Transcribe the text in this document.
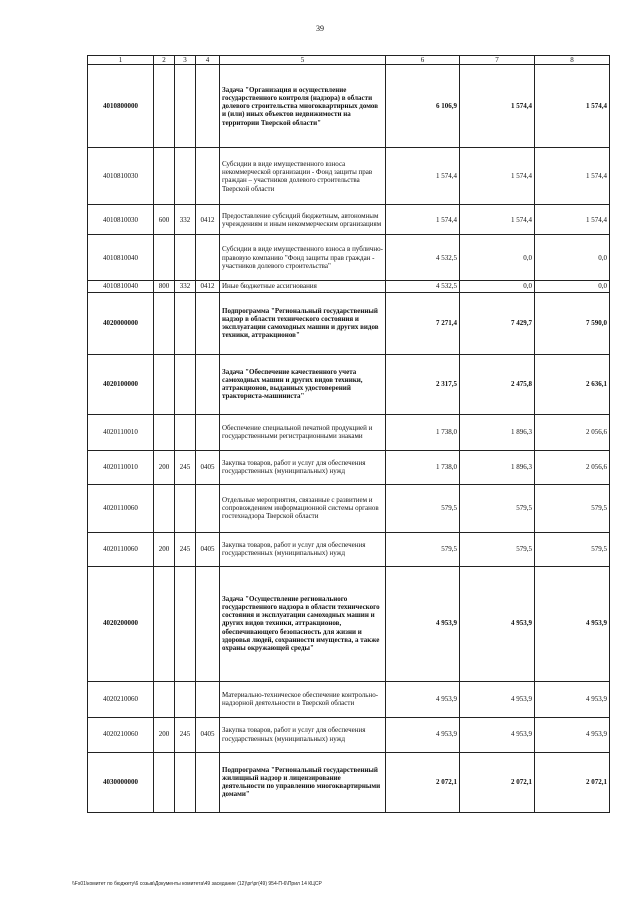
39
1	2	3	4	5	6	7	8
4010800000				Задача "Организация и осуществление государственного контроля (надзора) в области долевого строительства многоквартирных домов и (или) иных объектов недвижимости на территории Тверской области"	6 106,9	1 574,4	1 574,4
4010810030				Субсидии в виде имущественного взноса некоммерческой организации - Фонд защиты прав граждан – участников долевого строительства Тверской области	1 574,4	1 574,4	1 574,4
4010810030	600	332	0412	Предоставление субсидий бюджетным, автономным учреждениям и иным некоммерческим организациям	1 574,4	1 574,4	1 574,4
4010810040				Субсидии в виде имущественного взноса в публично-правовую компанию "Фонд защиты прав граждан - участников долевого строительства"	4 532,5	0,0	0,0
4010810040	800	332	0412	Иные бюджетные ассигнования	4 532,5	0,0	0,0
4020000000				Подпрограмма "Региональный государственный надзор в области технического состояния и эксплуатации самоходных машин и других видов техники, аттракционов"	7 271,4	7 429,7	7 590,0
4020100000				Задача "Обеспечение качественного учета самоходных машин и других видов техники, аттракционов, выданных удостоверений тракториста-машиниста"	2 317,5	2 475,8	2 636,1
4020110010				Обеспечение специальной печатной продукцией и государственными регистрационными знаками	1 738,0	1 896,3	2 056,6
4020110010	200	245	0405	Закупка товаров, работ и услуг для обеспечения государственных (муниципальных) нужд	1 738,0	1 896,3	2 056,6
4020110060				Отдельные мероприятия, связанные с развитием и сопровождением информационной системы органов гостехнадзора Тверской области	579,5	579,5	579,5
4020110060	200	245	0405	Закупка товаров, работ и услуг для обеспечения государственных (муниципальных) нужд	579,5	579,5	579,5
4020200000				Задача "Осуществление регионального государственного надзора в области технического состояния и эксплуатации самоходных машин и других видов техники, аттракционов, обеспечивающего безопасность для жизни и здоровья людей, сохранности имущества, а также охраны окружающей среды"	4 953,9	4 953,9	4 953,9
4020210060				Материально-техническое обеспечение контрольно-надзорной деятельности в Тверской области	4 953,9	4 953,9	4 953,9
4020210060	200	245	0405	Закупка товаров, работ и услуг для обеспечения государственных (муниципальных) нужд	4 953,9	4 953,9	4 953,9
4030000000				Подпрограмма "Региональный государственный жилищный надзор и лицензирование деятельности по управлению многоквартирными домами"	2 072,1	2 072,1	2 072,1
\\Fs01\комитет по бюджету\6 созыв\Документы комитета\49 заседание (12)\рг\рг(49) 954-П-6\Прил 14 КЦСР
